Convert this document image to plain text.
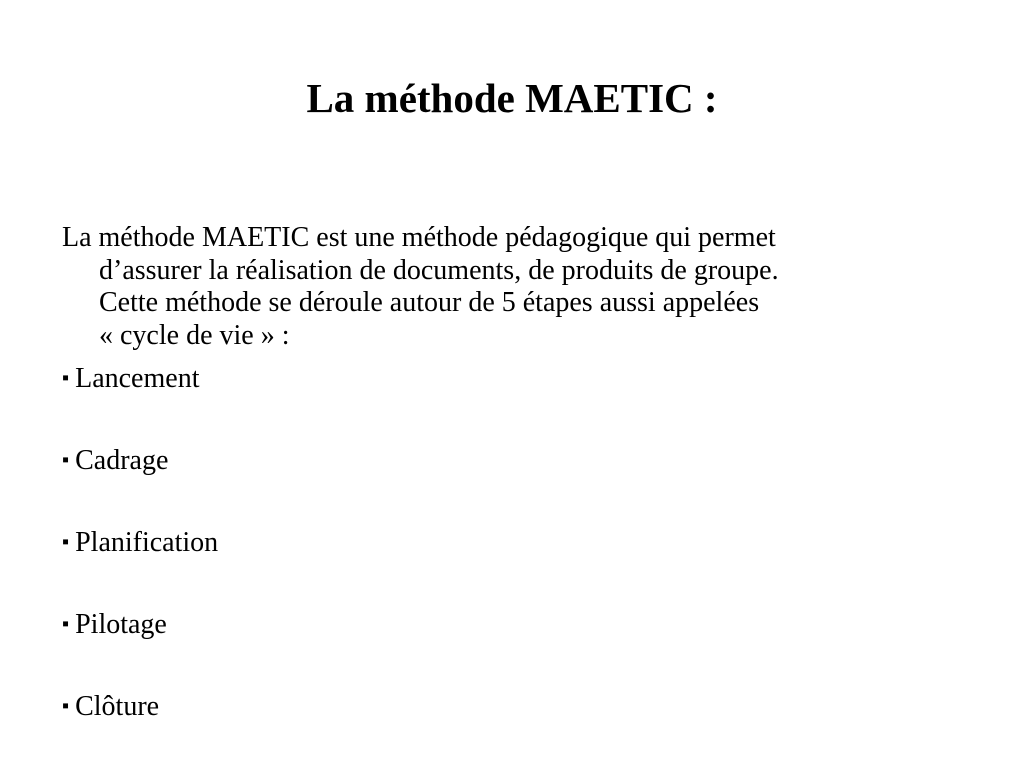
La méthode MAETIC :

La méthode MAETIC est une méthode pédagogique qui permet
d’assurer la réalisation de documents, de produits de groupe.
Cette méthode se déroule autour de 5 étapes aussi appelées
« cycle de vie » :

▪ Lancement
▪ Cadrage
▪ Planification
▪ Pilotage
▪ Clôture
